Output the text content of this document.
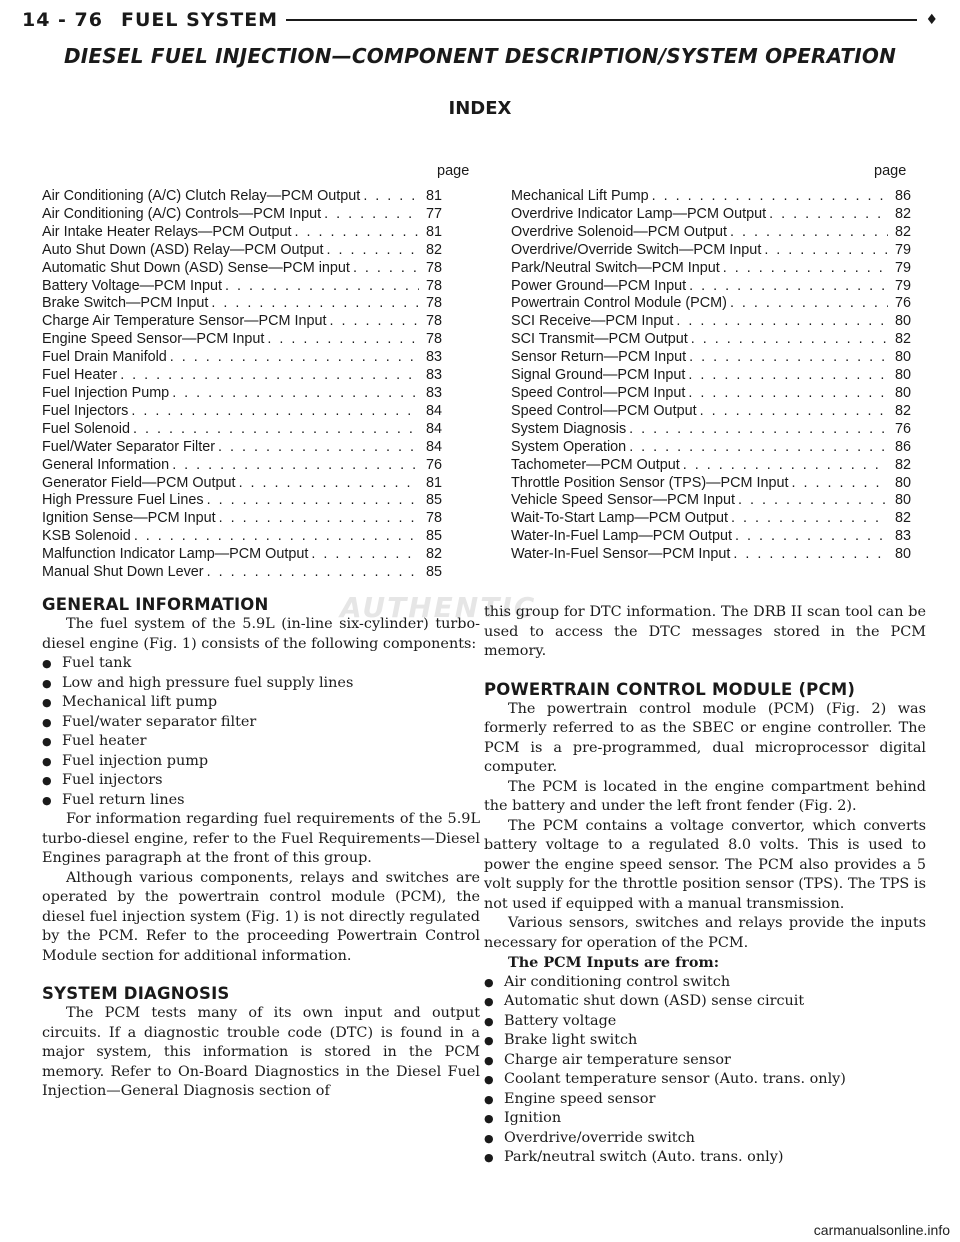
14 - 76 FUEL SYSTEM	♦
DIESEL FUEL INJECTION—COMPONENT DESCRIPTION/SYSTEM OPERATION
INDEX
page	page
Air Conditioning (A/C) Clutch Relay—PCM Output . . .	81
Air Conditioning (A/C) Controls—PCM Input . . .	77
Air Intake Heater Relays—PCM Output . . .	81
Auto Shut Down (ASD) Relay—PCM Output . . .	82
Automatic Shut Down (ASD) Sense—PCM input . . .	78
Battery Voltage—PCM Input . . .	78
Brake Switch—PCM Input . . .	78
Charge Air Temperature Sensor—PCM Input . . .	78
Engine Speed Sensor—PCM Input . . .	78
Fuel Drain Manifold . . .	83
Fuel Heater . . .	83
Fuel Injection Pump . . .	83
Fuel Injectors . . .	84
Fuel Solenoid . . .	84
Fuel/Water Separator Filter . . .	84
General Information . . .	76
Generator Field—PCM Output . . .	81
High Pressure Fuel Lines . . .	85
Ignition Sense—PCM Input . . .	78
KSB Solenoid . . .	85
Malfunction Indicator Lamp—PCM Output . . .	82
Manual Shut Down Lever . . .	85
Mechanical Lift Pump . . .	86
Overdrive Indicator Lamp—PCM Output . . .	82
Overdrive Solenoid—PCM Output . . .	82
Overdrive/Override Switch—PCM Input . . .	79
Park/Neutral Switch—PCM Input . . .	79
Power Ground—PCM Input . . .	79
Powertrain Control Module (PCM) . . .	76
SCI Receive—PCM Input . . .	80
SCI Transmit—PCM Output . . .	82
Sensor Return—PCM Input . . .	80
Signal Ground—PCM Input . . .	80
Speed Control—PCM Input . . .	80
Speed Control—PCM Output . . .	82
System Diagnosis . . .	76
System Operation . . .	86
Tachometer—PCM Output . . .	82
Throttle Position Sensor (TPS)—PCM Input . . .	80
Vehicle Speed Sensor—PCM Input . . .	80
Wait-To-Start Lamp—PCM Output . . .	82
Water-In-Fuel Lamp—PCM Output . . .	83
Water-In-Fuel Sensor—PCM Input . . .	80
AUTHENTIC
GENERAL INFORMATION

The fuel system of the 5.9L (in-line six-cylinder) turbo-diesel engine (Fig. 1) consists of the following components:

● Fuel tank
● Low and high pressure fuel supply lines
● Mechanical lift pump
● Fuel/water separator filter
● Fuel heater
● Fuel injection pump
● Fuel injectors
● Fuel return lines

For information regarding fuel requirements of the 5.9L turbo-diesel engine, refer to the Fuel Requirements—Diesel Engines paragraph at the front of this group.

Although various components, relays and switches are operated by the powertrain control module (PCM), the diesel fuel injection system (Fig. 1) is not directly regulated by the PCM. Refer to the proceeding Powertrain Control Module section for additional information.

SYSTEM DIAGNOSIS

The PCM tests many of its own input and output circuits. If a diagnostic trouble code (DTC) is found in a major system, this information is stored in the PCM memory. Refer to On-Board Diagnostics in the Diesel Fuel Injection—General Diagnosis section of

this group for DTC information. The DRB II scan tool can be used to access the DTC messages stored in the PCM memory.

POWERTRAIN CONTROL MODULE (PCM)

The powertrain control module (PCM) (Fig. 2) was formerly referred to as the SBEC or engine controller. The PCM is a pre-programmed, dual microprocessor digital computer.

The PCM is located in the engine compartment behind the battery and under the left front fender (Fig. 2).

The PCM contains a voltage convertor, which converts battery voltage to a regulated 8.0 volts. This is used to power the engine speed sensor. The PCM also provides a 5 volt supply for the throttle position sensor (TPS). The TPS is not used if equipped with a manual transmission.

Various sensors, switches and relays provide the inputs necessary for operation of the PCM.

The PCM Inputs are from:

● Air conditioning control switch
● Automatic shut down (ASD) sense circuit
● Battery voltage
● Brake light switch
● Charge air temperature sensor
● Coolant temperature sensor (Auto. trans. only)
● Engine speed sensor
● Ignition
● Overdrive/override switch
● Park/neutral switch (Auto. trans. only)
carmanualsonline.info
